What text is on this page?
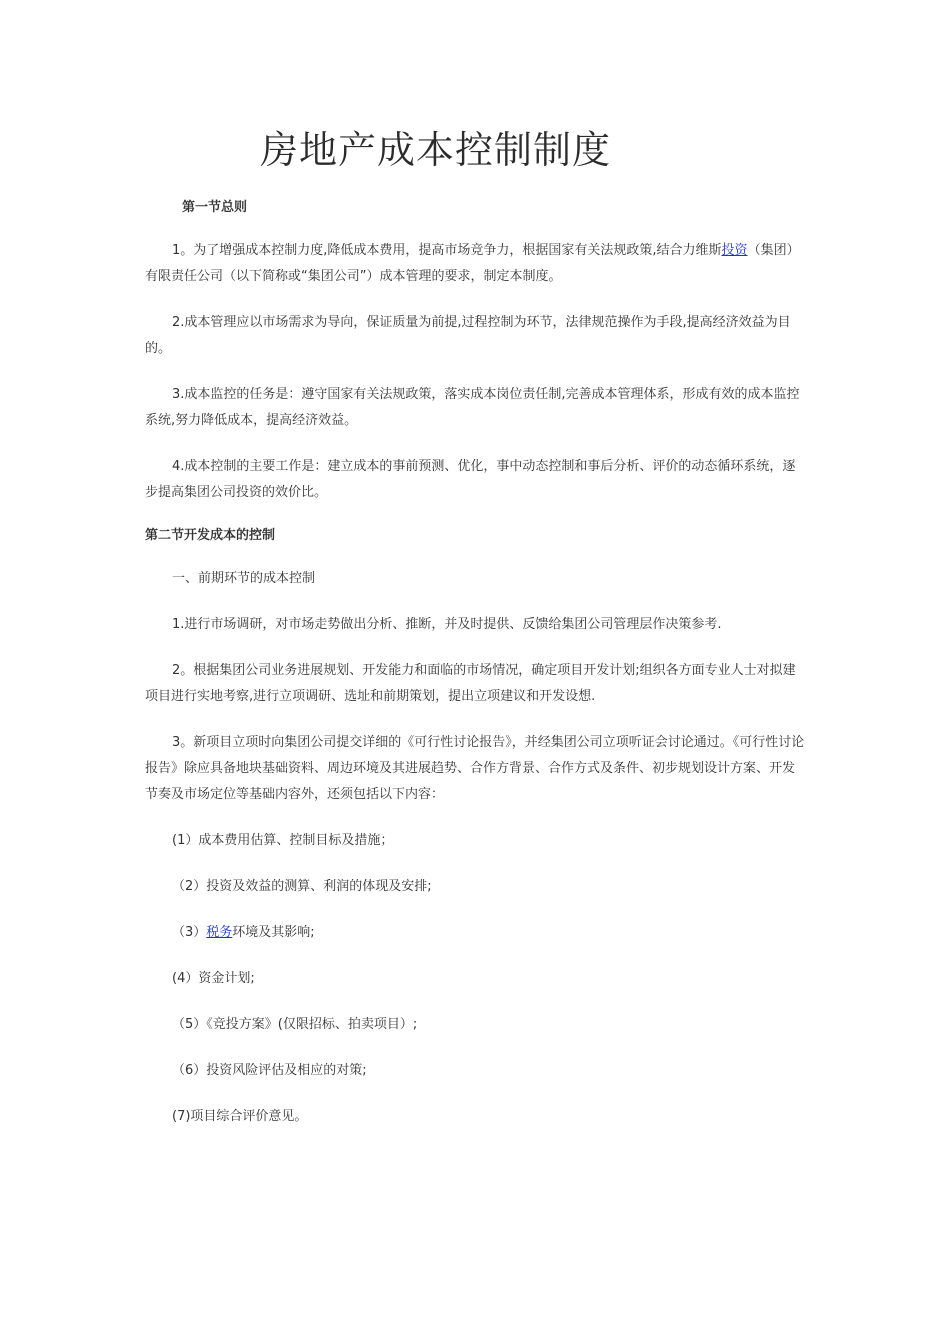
房地产成本控制制度
第一节总则

1。为了增强成本控制力度,降低成本费用，提高市场竞争力，根据国家有关法规政策,结合力维斯投资（集团）有限责任公司（以下简称或“集团公司”）成本管理的要求，制定本制度。

2.成本管理应以市场需求为导向，保证质量为前提,过程控制为环节，法律规范操作为手段,提高经济效益为目的。

3.成本监控的任务是：遵守国家有关法规政策，落实成本岗位责任制,完善成本管理体系，形成有效的成本监控系统,努力降低成本，提高经济效益。

4.成本控制的主要工作是：建立成本的事前预测、优化，事中动态控制和事后分析、评价的动态循环系统，逐步提高集团公司投资的效价比。

第二节开发成本的控制

一、前期环节的成本控制

1.进行市场调研，对市场走势做出分析、推断，并及时提供、反馈给集团公司管理层作决策参考.

2。根据集团公司业务进展规划、开发能力和面临的市场情况，确定项目开发计划;组织各方面专业人士对拟建项目进行实地考察,进行立项调研、选址和前期策划，提出立项建议和开发设想.

3。新项目立项时向集团公司提交详细的《可行性讨论报告》，并经集团公司立项听证会讨论通过。《可行性讨论报告》除应具备地块基础资料、周边环境及其进展趋势、合作方背景、合作方式及条件、初步规划设计方案、开发节奏及市场定位等基础内容外，还须包括以下内容：

(1）成本费用估算、控制目标及措施；

（2）投资及效益的测算、利润的体现及安排;

（3）税务环境及其影响;

(4）资金计划;

（5）《竞投方案》(仅限招标、拍卖项目）;

（6）投资风险评估及相应的对策;

(7)项目综合评价意见。
